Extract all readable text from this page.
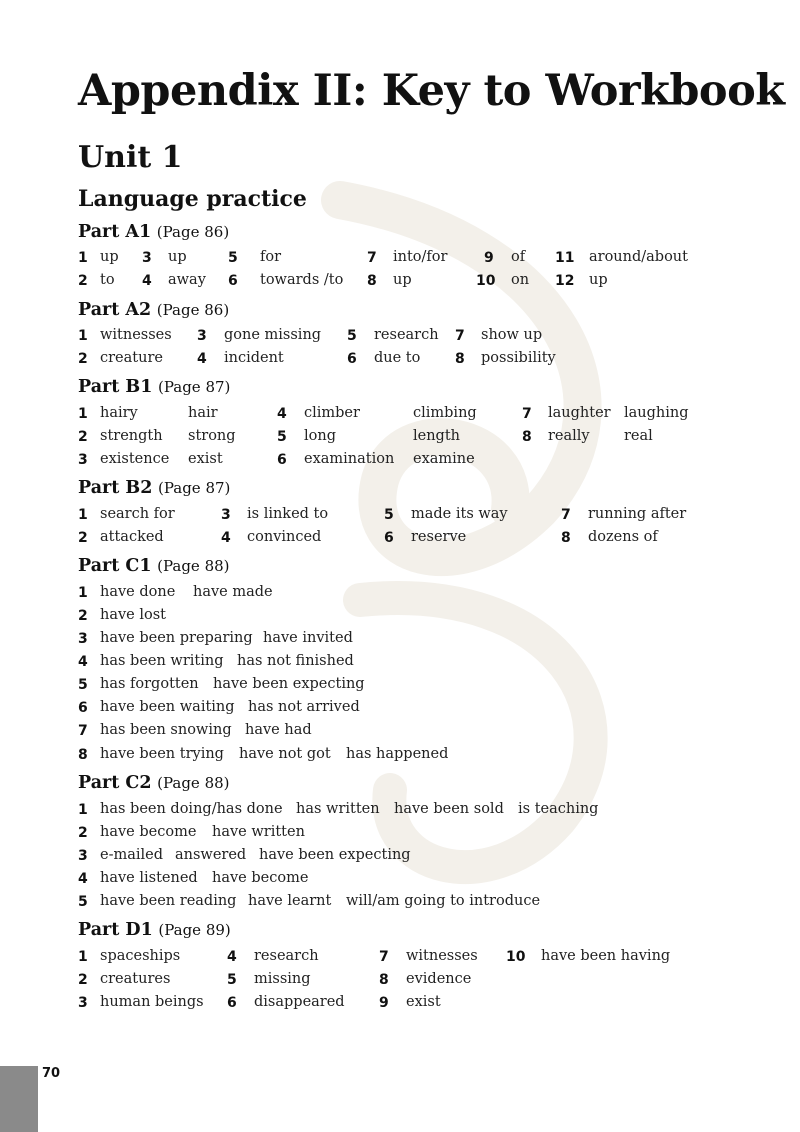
Appendix II: Key to Workbook
Unit 1
Language practice
Part A1 (Page 86)
1 up 3 up	5 for	7 into/for	9 of 11 around/about
2 to 4 away 6 towards /to 8 up	10 on 12 up
Part A2 (Page 86)
1 witnesses 3 gone missing 5 research 7 show up
2 creature 4 incident	6 due to 8 possibility
Part B1 (Page 87)
1 hairy	hair	4 climber	climbing	7 laughter laughing
2 strength strong	5 long	length	8 really real
3 existence exist	6 examination examine
Part B2 (Page 87)
1 search for	3 is linked to	5 made its way	7 running after
2 attacked	4 convinced	6 reserve	8 dozens of
Part C1 (Page 88)
1 have done have made
2 have lost
3 have been preparing have invited
4 has been writing has not finished
5 has forgotten have been expecting
6 have been waiting has not arrived
7 has been snowing have had
8 have been trying have not got has happened
Part C2 (Page 88)
1 has been doing/has done has written have been sold is teaching
2 have become have written
3 e-mailed answered have been expecting
4 have listened have become
5 have been reading have learnt will/am going to introduce
Part D1 (Page 89)
1 spaceships	4 research	7 witnesses 10 have been having
2 creatures	5 missing	8 evidence
3 human beings 6 disappeared 9 exist
70
